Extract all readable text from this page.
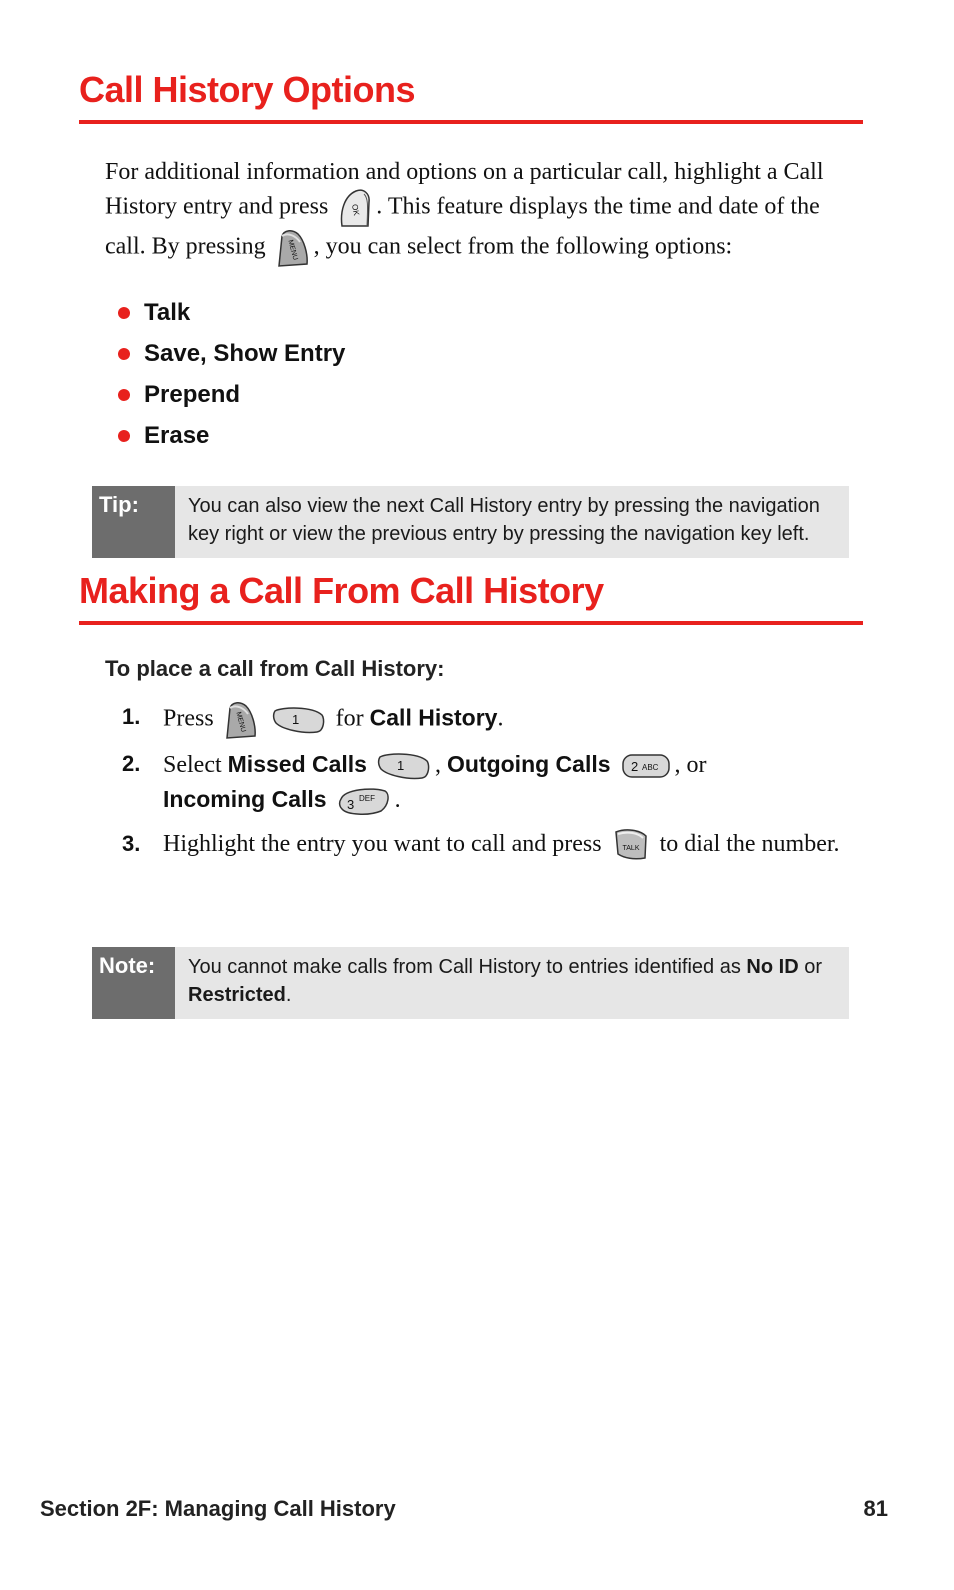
Call History Options
For additional information and options on a particular call, highlight a Call History entry and press	OK . This feature displays the time and date of the call. By pressing	MENU , you can select from the following options:
Talk
Save, Show Entry
Prepend
Erase
Tip:	You can also view the next Call History entry by pressing the navigation key right or view the previous entry by pressing the navigation key left.
Making a Call From Call History
To place a call from Call History:
1. Press	MENU
	1 for Call History.
2. Select Missed Calls 1 , Outgoing Calls 2 ABC , or
Incoming Calls 3 DEF .
3. Highlight the entry you want to call and press	TALK to dial the number.
Note:	You cannot make calls from Call History to entries identified as No ID or Restricted.
Section 2F: Managing Call History	81
